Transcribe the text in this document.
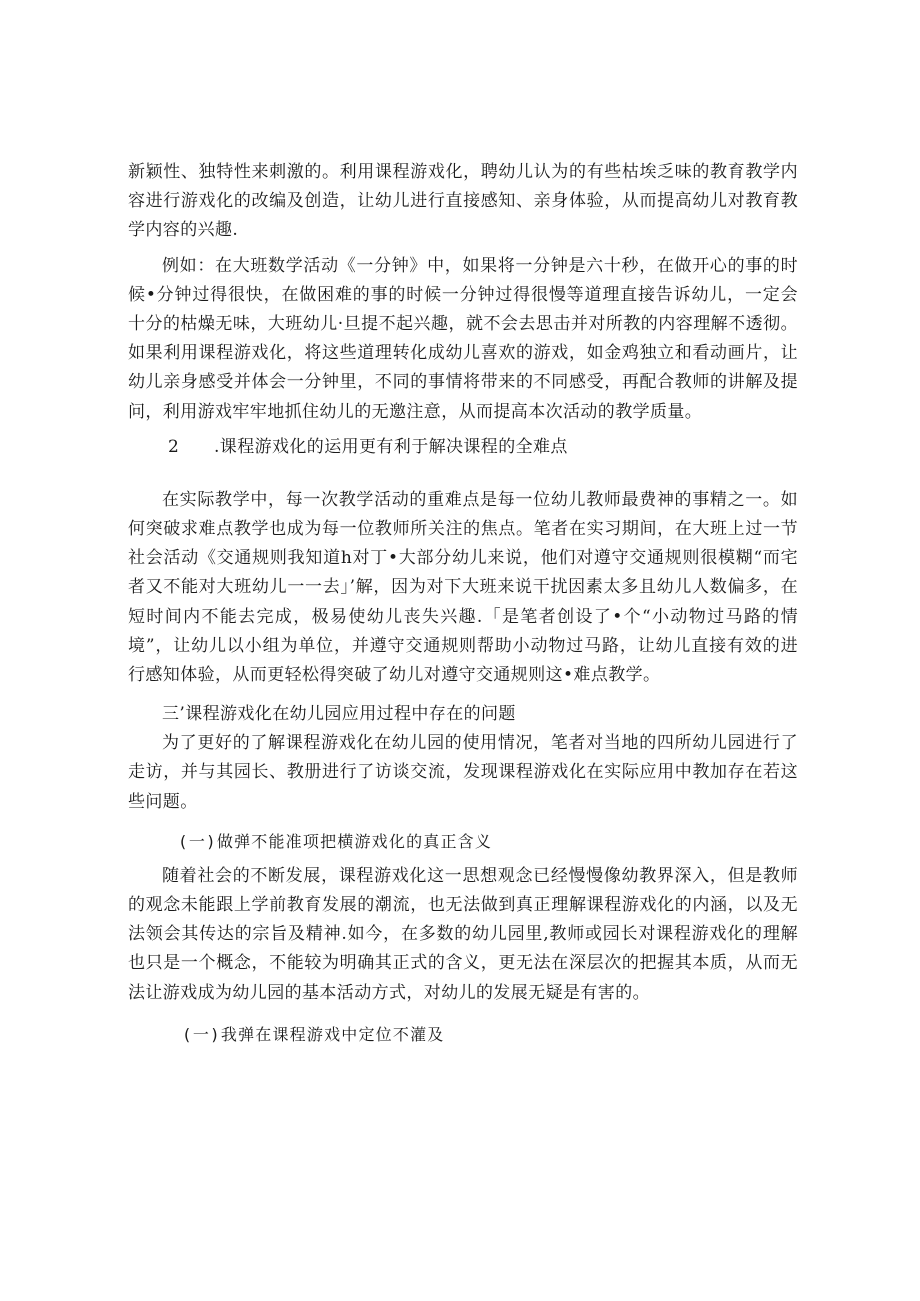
新颖性、独特性来刺激的。利用课程游戏化，聘幼儿认为的有些枯埃乏味的教育教学内容进行游戏化的改编及创造，让幼儿进行直接感知、亲身体验，从而提高幼儿对教育教学内容的兴趣.

例如：在大班数学活动《一分钟》中，如果将一分钟是六十秒，在做开心的事的时候•分钟过得很快，在做困难的事的时候一分钟过得很慢等道理直接告诉幼儿，一定会十分的枯燥无味，大班幼儿·旦提不起兴趣，就不会去思击并对所教的内容理解不透彻。如果利用课程游戏化，将这些道理转化成幼儿喜欢的游戏，如金鸡独立和看动画片，让幼儿亲身感受并体会一分钟里，不同的事情将带来的不同感受，再配合教师的讲解及提问，利用游戏牢牢地抓住幼儿的无邀注意，从而提高本次活动的教学质量。

2 .课程游戏化的运用更有利于解决课程的全难点

在实际教学中，每一次教学活动的重难点是每一位幼儿教师最费神的事精之一。如何突破求难点教学也成为每一位教师所关注的焦点。笔者在实习期间，在大班上过一节社会活动《交通规则我知道h对丁•大部分幼儿来说，他们对遵守交通规则很模糊“而宅者又不能对大班幼儿一一去」’解，因为对下大班来说干扰因素太多且幼儿人数偏多，在短时间内不能去完成，极易使幼儿丧失兴趣.「是笔者创设了•个“小动物过马路的情境”，让幼儿以小组为单位，并遵守交通规则帮助小动物过马路，让幼儿直接有效的进行感知体验，从而更轻松得突破了幼儿对遵守交通规则这•难点教学。

三’课程游戏化在幼儿园应用过程中存在的问题

为了更好的了解课程游戏化在幼儿园的使用情况，笔者对当地的四所幼儿园进行了走访，并与其园长、教册进行了访谈交流，发现课程游戏化在实际应用中教加存在若这些问题。

(一)做弹不能准项把横游戏化的真正含义

随着社会的不断发展，课程游戏化这一思想观念已经慢慢像幼教界深入，但是教师的观念未能跟上学前教育发展的潮流，也无法做到真正理解课程游戏化的内涵，以及无法领会其传达的宗旨及精神.如今，在多数的幼儿园里,教师或园长对课程游戏化的理解也只是一个概念，不能较为明确其正式的含义，更无法在深层次的把握其本质，从而无法让游戏成为幼儿园的基本活动方式，对幼儿的发展无疑是有害的。

(一)我弹在课程游戏中定位不灌及
